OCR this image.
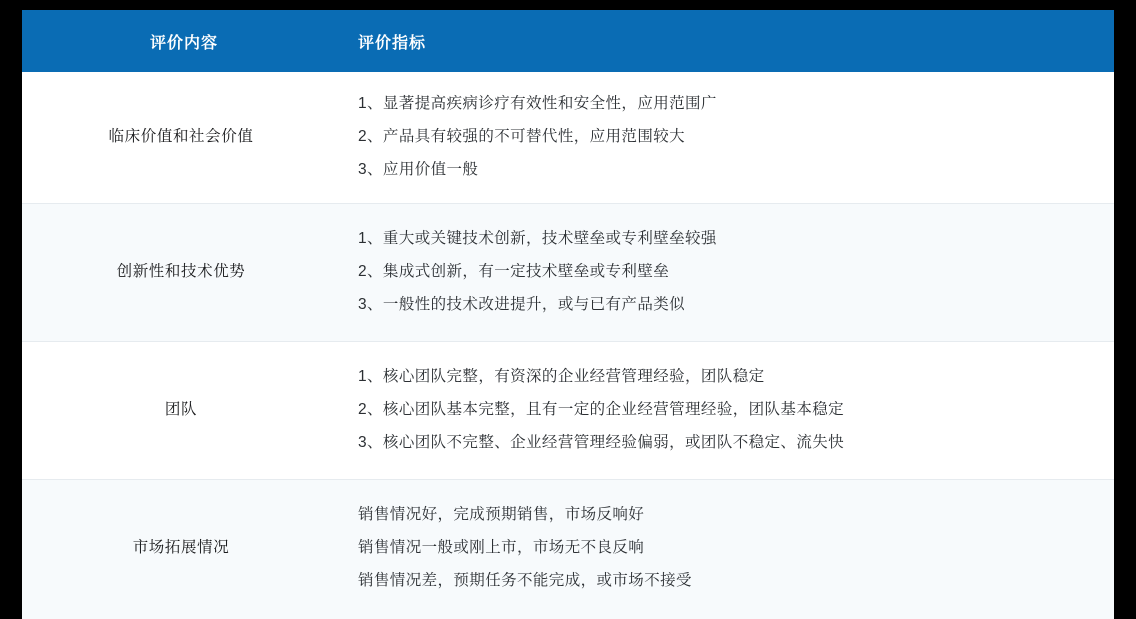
评价内容	评价指标

临床价值和社会价值	1、显著提高疾病诊疗有效性和安全性，应用范围广
2、产品具有较强的不可替代性，应用范围较大
3、应用价值一般

创新性和技术优势	1、重大或关键技术创新，技术壁垒或专利壁垒较强
2、集成式创新，有一定技术壁垒或专利壁垒
3、一般性的技术改进提升，或与已有产品类似

团队	1、核心团队完整，有资深的企业经营管理经验，团队稳定
2、核心团队基本完整，且有一定的企业经营管理经验，团队基本稳定
3、核心团队不完整、企业经营管理经验偏弱，或团队不稳定、流失快

市场拓展情况	销售情况好，完成预期销售，市场反响好
销售情况一般或刚上市，市场无不良反响
销售情况差，预期任务不能完成，或市场不接受
